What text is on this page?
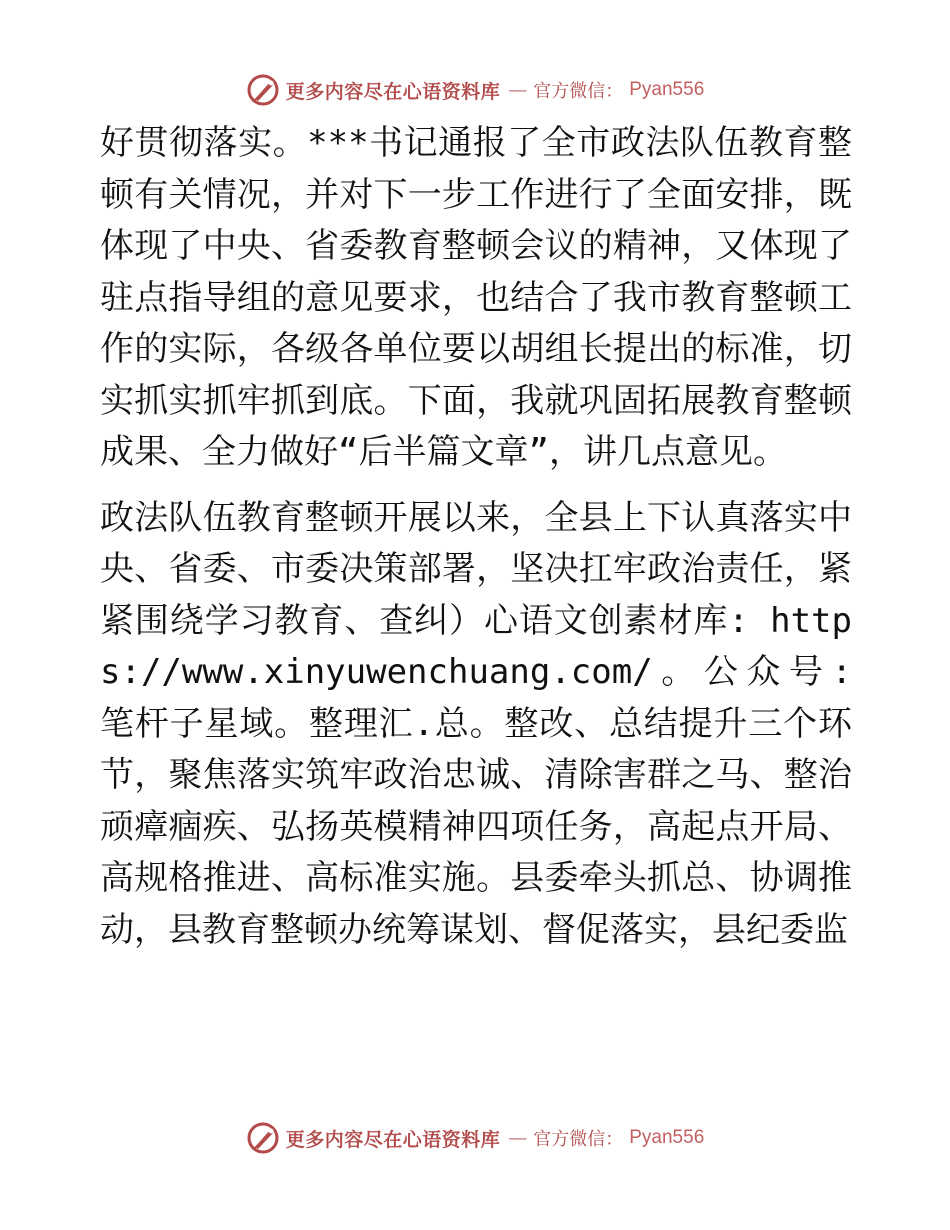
更多内容尽在心语资料库 — 官方微信： Pyan556

好贯彻落实。***书记通报了全市政法队伍教育整顿有关情况，并对下一步工作进行了全面安排，既体现了中央、省委教育整顿会议的精神，又体现了驻点指导组的意见要求，也结合了我市教育整顿工作的实际，各级各单位要以胡组长提出的标准，切实抓实抓牢抓到底。下面，我就巩固拓展教育整顿成果、全力做好“后半篇文章”，讲几点意见。

政法队伍教育整顿开展以来，全县上下认真落实中央、省委、市委决策部署，坚决扛牢政治责任，紧紧围绕学习教育、查纠）心语文创素材库: https://www.xinyuwenchuang.com/。公众号: 笔杆子星域。整理汇.总。整改、总结提升三个环节，聚焦落实筑牢政治忠诚、清除害群之马、整治顽瘴痼疾、弘扬英模精神四项任务，高起点开局、高规格推进、高标准实施。县委牵头抓总、协调推动，县教育整顿办统筹谋划、督促落实，县纪委监

更多内容尽在心语资料库 — 官方微信： Pyan556
